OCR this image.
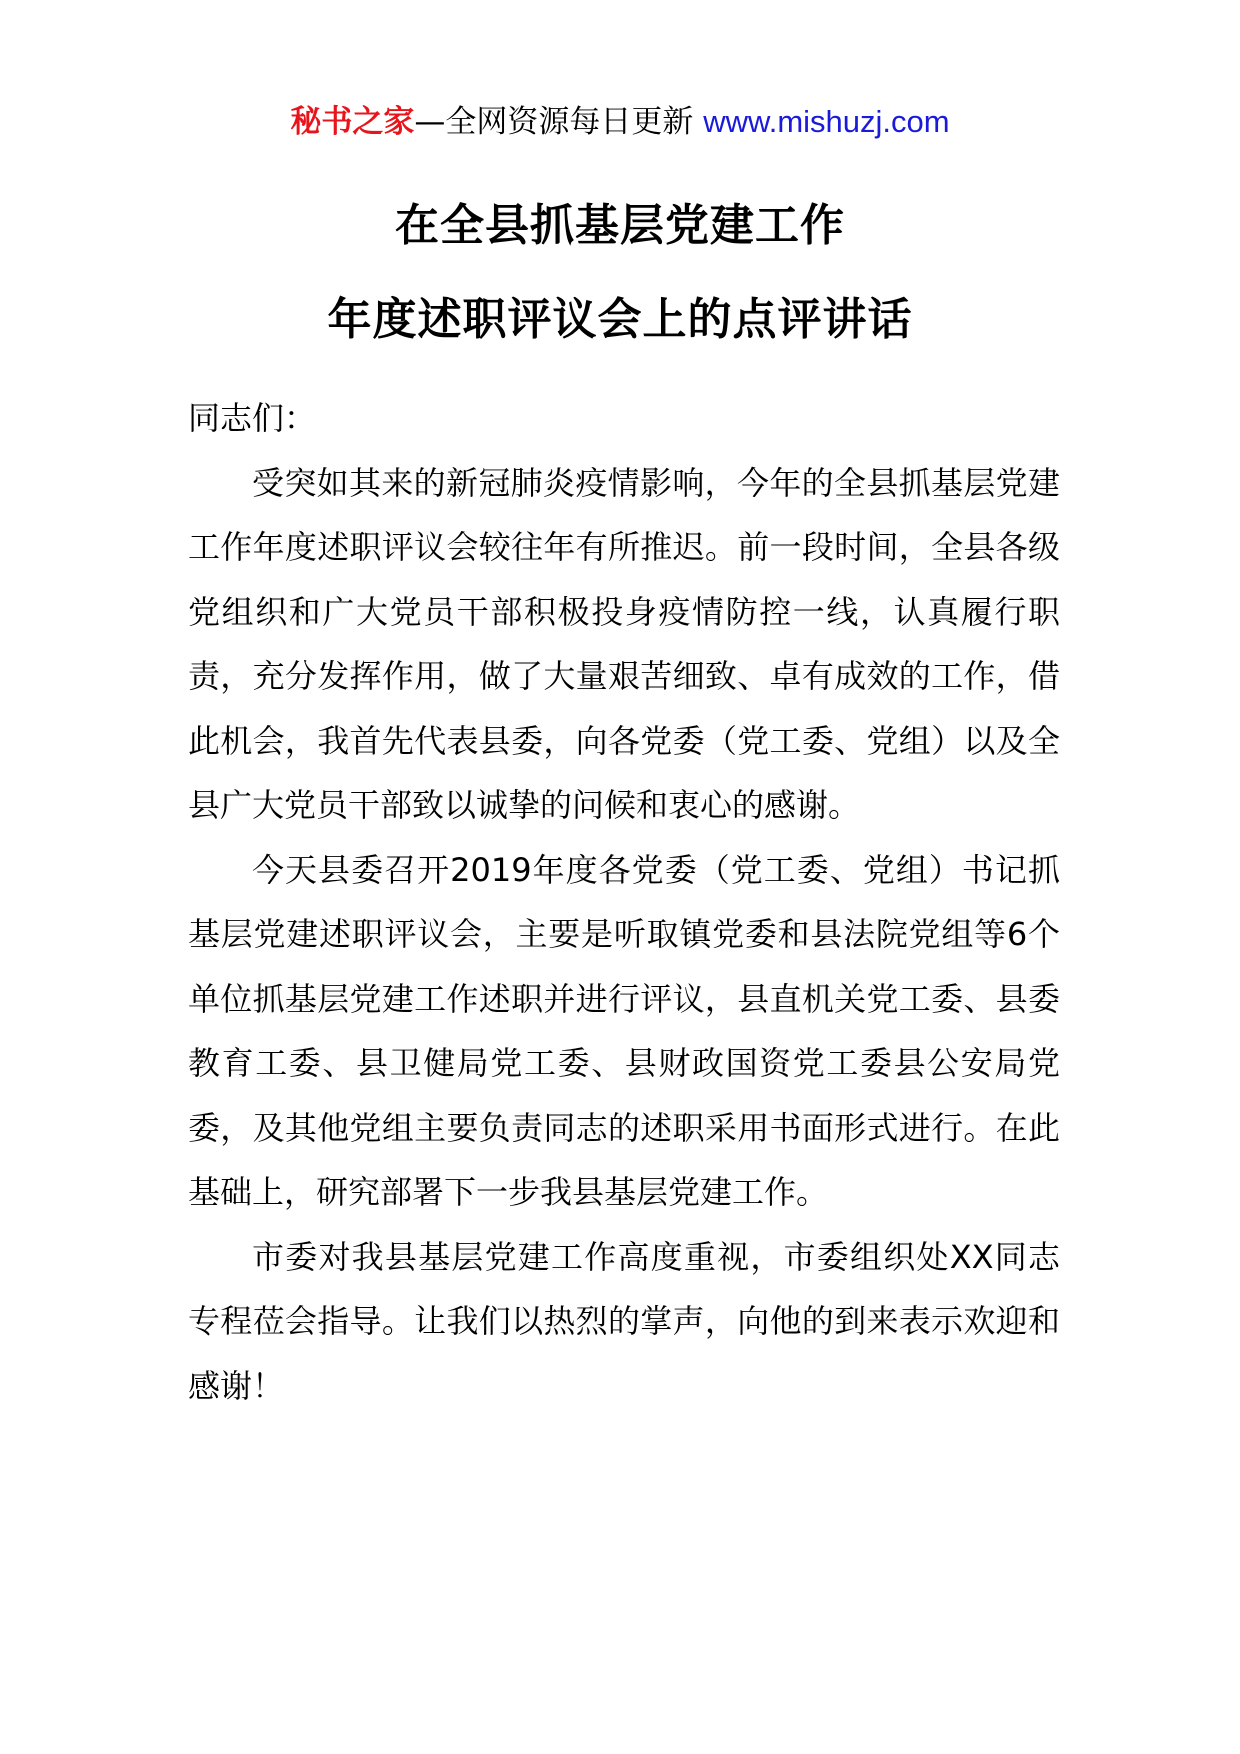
秘书之家—全网资源每日更新 www.mishuzj.com
在全县抓基层党建工作
年度述职评议会上的点评讲话

同志们：

受突如其来的新冠肺炎疫情影响，今年的全县抓基层党建工作年度述职评议会较往年有所推迟。前一段时间，全县各级党组织和广大党员干部积极投身疫情防控一线，认真履行职责，充分发挥作用，做了大量艰苦细致、卓有成效的工作，借此机会，我首先代表县委，向各党委（党工委、党组）以及全县广大党员干部致以诚挚的问候和衷心的感谢。

今天县委召开2019年度各党委（党工委、党组）书记抓基层党建述职评议会，主要是听取镇党委和县法院党组等6个单位抓基层党建工作述职并进行评议，县直机关党工委、县委教育工委、县卫健局党工委、县财政国资党工委县公安局党委，及其他党组主要负责同志的述职采用书面形式进行。在此基础上，研究部署下一步我县基层党建工作。

市委对我县基层党建工作高度重视，市委组织处XX同志专程莅会指导。让我们以热烈的掌声，向他的到来表示欢迎和感谢！
